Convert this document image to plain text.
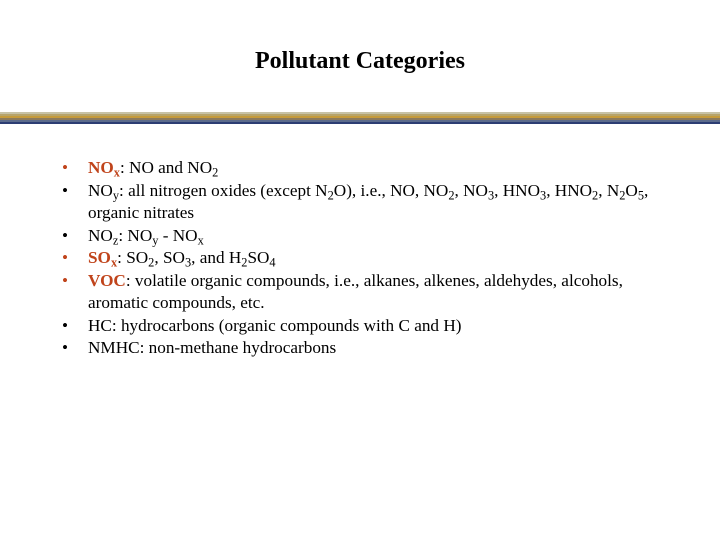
Pollutant Categories
• $NO_x$: NO and $NO_2$
• $NO_y$: all nitrogen oxides (except $N_2O$), i.e., NO, $NO_2$, $NO_3$, $HNO_3$, $HNO_2$, $N_2O_5$, organic nitrates
• $NO_z$: $NO_y - NO_x$
• $SO_x$: $SO_2$, $SO_3$, and $H_2SO_4$
• VOC: volatile organic compounds, i.e., alkanes, alkenes, aldehydes, alcohols, aromatic compounds, etc.
• HC: hydrocarbons (organic compounds with C and H)
• NMHC: non-methane hydrocarbons
